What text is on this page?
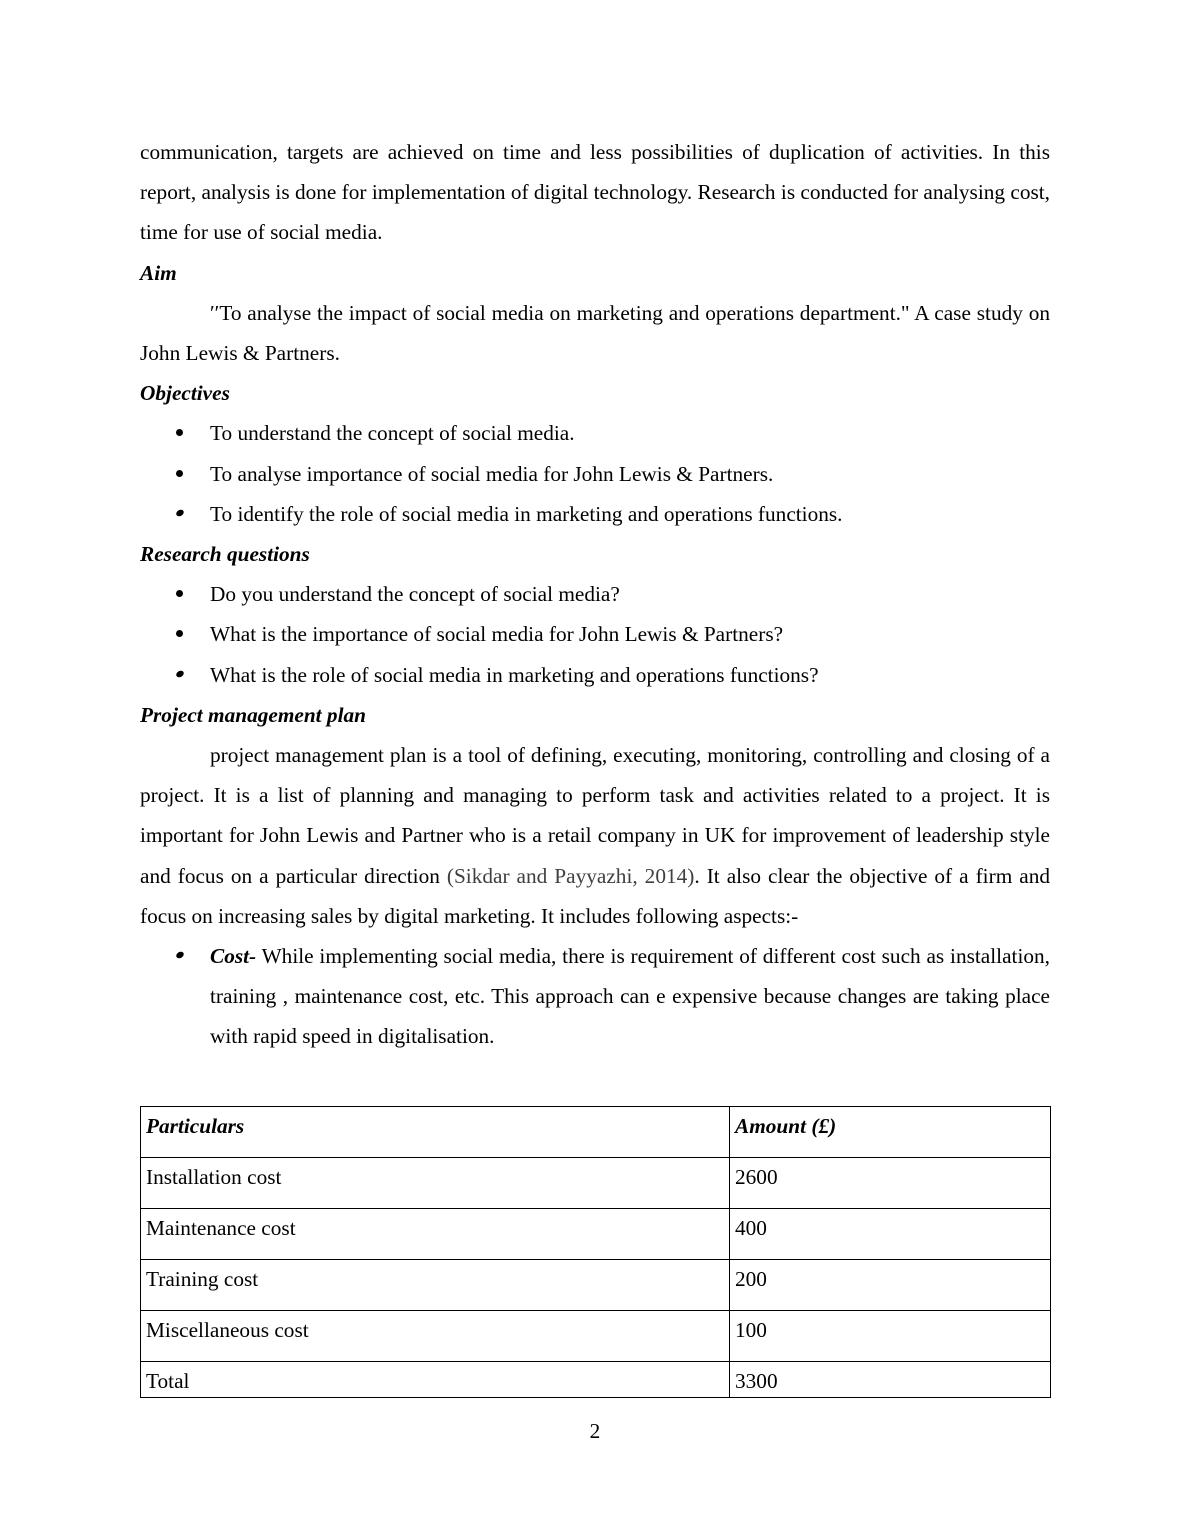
communication, targets are achieved on time and less possibilities of duplication of activities. In this report, analysis is done for implementation of digital technology. Research is conducted for analysing cost, time for use of social media.

Aim

′′To analyse the impact of social media on marketing and operations department." A case study on John Lewis & Partners.

Objectives

To understand the concept of social media.
To analyse importance of social media for John Lewis & Partners.
To identify the role of social media in marketing and operations functions.

Research questions

Do you understand the concept of social media?
What is the importance of social media for John Lewis & Partners?
What is the role of social media in marketing and operations functions?

Project management plan

project management plan is a tool of defining, executing, monitoring, controlling and closing of a project. It is a list of planning and managing to perform task and activities related to a project. It is important for John Lewis and Partner who is a retail company in UK for improvement of leadership style and focus on a particular direction (Sikdar and Payyazhi, 2014). It also clear the objective of a firm and focus on increasing sales by digital marketing. It includes following aspects:-

Cost- While implementing social media, there is requirement of different cost such as installation, training , maintenance cost, etc. This approach can e expensive because changes are taking place with rapid speed in digitalisation.
Particulars	Amount (£)
Installation cost	2600
Maintenance cost	400
Training cost	200
Miscellaneous cost	100
Total	3300
2
